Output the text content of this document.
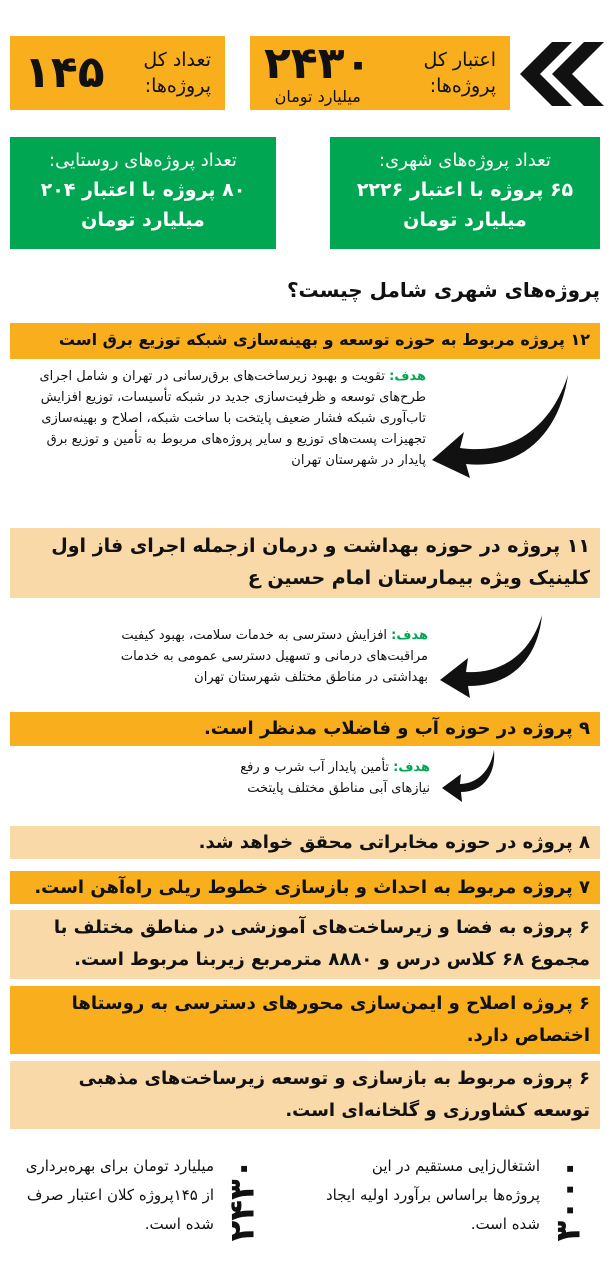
اعتبار کل پروژه‌ها:
۲۴۳۰
میلیارد تومان
تعداد کل پروژه‌ها:
۱۴۵
تعداد پروژه‌های شهری:
۶۵ پروژه با اعتبار ۲۲۲۶
میلیارد تومان
تعداد پروژه‌های روستایی:
۸۰ پروژه با اعتبار ۲۰۴
میلیارد تومان
پروژه‌های شهری شامل چیست؟
۱۲ پروژه مربوط به حوزه توسعه و بهینه‌سازی شبکه توزیع برق است
هدف: تقویت و بهبود زیرساخت‌های برق‌رسانی در تهران و شامل اجرای طرح‌های توسعه و ظرفیت‌سازی جدید در شبکه تأسیسات، توزیع افزایش تاب‌آوری شبکه فشار ضعیف پایتخت با ساخت شبکه، اصلاح و بهینه‌سازی تجهیزات پست‌های توزیع و سایر پروژه‌های مربوط به تأمین و توزیع برق پایدار در شهرستان تهران
۱۱ پروژه در حوزه بهداشت و درمان ازجمله اجرای فاز اول کلینیک ویژه بیمارستان امام حسین ع
هدف: افزایش دسترسی به خدمات سلامت، بهبود کیفیت مراقبت‌های درمانی و تسهیل دسترسی عمومی به خدمات بهداشتی در مناطق مختلف شهرستان تهران
۹ پروژه در حوزه آب و فاضلاب مدنظر است.
هدف: تأمین پایدار آب شرب و رفع نیازهای آبی مناطق مختلف پایتخت
۸ پروژه در حوزه مخابراتی محقق خواهد شد.
۷ پروژه مربوط به احداث و بازسازی خطوط ریلی راه‌آهن است.
۶ پروژه به فضا و زیرساخت‌های آموزشی در مناطق مختلف با مجموع ۶۸ کلاس درس و ۸۸۸۰ مترمربع زیربنا مربوط است.
۶ پروژه اصلاح و ایمن‌سازی محورهای دسترسی به روستاها اختصاص دارد.
۶ پروژه مربوط به بازسازی و توسعه زیرساخت‌های مذهبی توسعه کشاورزی و گلخانه‌ای است.
۳۰۰۰
اشتغال‌زایی مستقیم در این پروژه‌ها براساس برآورد اولیه ایجاد شده است.
۲۴۳۰
میلیارد تومان برای بهره‌برداری از ۱۴۵پروژه کلان اعتبار صرف شده است.
